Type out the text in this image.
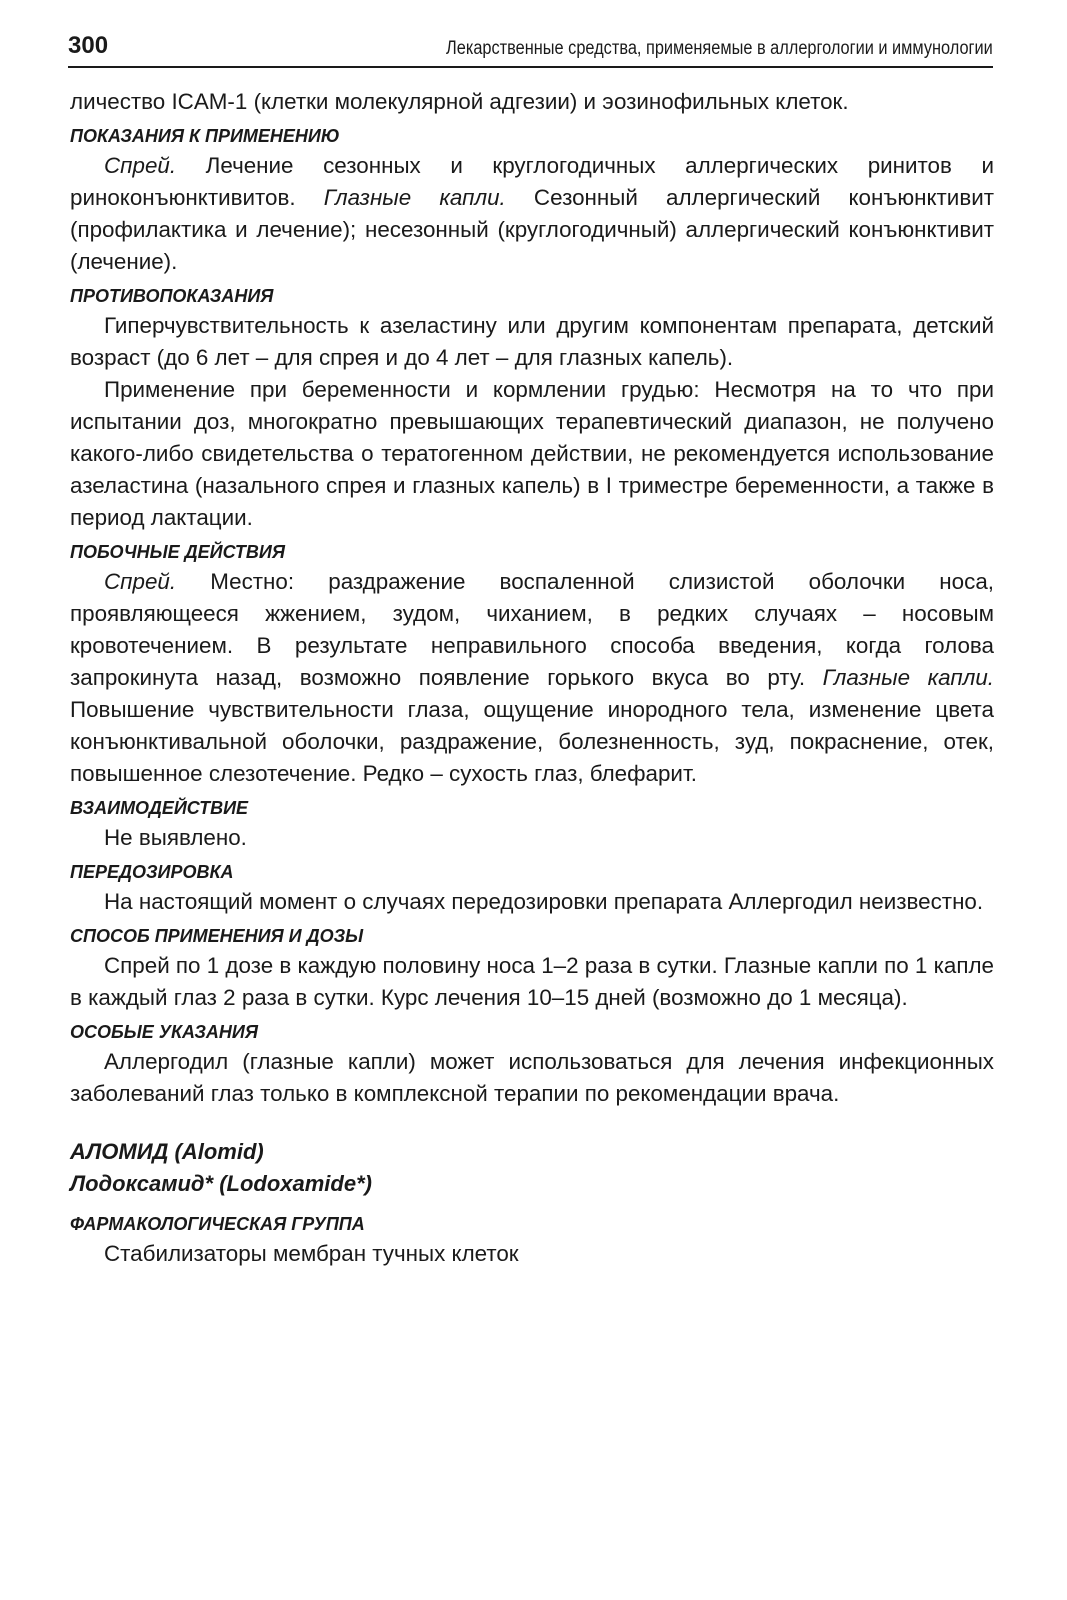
300	Лекарственные средства, применяемые в аллергологии и иммунологии

личество ICAM-1 (клетки молекулярной адгезии) и эозинофильных клеток.

ПОКАЗАНИЯ К ПРИМЕНЕНИЮ

Спрей. Лечение сезонных и круглогодичных аллергических ринитов и риноконъюнктивитов. Глазные капли. Сезонный аллергический конъюнктивит (профилактика и лечение); несезонный (круглогодичный) аллергический конъюнктивит (лечение).

ПРОТИВОПОКАЗАНИЯ

Гиперчувствительность к азеластину или другим компонентам препарата, детский возраст (до 6 лет – для спрея и до 4 лет – для глазных капель).

Применение при беременности и кормлении грудью: Несмотря на то что при испытании доз, многократно превышающих терапевтический диапазон, не получено какого-либо свидетельства о тератогенном действии, не рекомендуется использование азеластина (назального спрея и глазных капель) в I триместре беременности, а также в период лактации.

ПОБОЧНЫЕ ДЕЙСТВИЯ

Спрей. Местно: раздражение воспаленной слизистой оболочки носа, проявляющееся жжением, зудом, чиханием, в редких случаях – носовым кровотечением. В результате неправильного способа введения, когда голова запрокинута назад, возможно появление горького вкуса во рту. Глазные капли. Повышение чувствительности глаза, ощущение инородного тела, изменение цвета конъюнктивальной оболочки, раздражение, болезненность, зуд, покраснение, отек, повышенное слезотечение. Редко – сухость глаз, блефарит.

ВЗАИМОДЕЙСТВИЕ

Не выявлено.

ПЕРЕДОЗИРОВКА

На настоящий момент о случаях передозировки препарата Аллергодил неизвестно.

СПОСОБ ПРИМЕНЕНИЯ И ДОЗЫ

Спрей по 1 дозе в каждую половину носа 1–2 раза в сутки. Глазные капли по 1 капле в каждый глаз 2 раза в сутки. Курс лечения 10–15 дней (возможно до 1 месяца).

ОСОБЫЕ УКАЗАНИЯ

Аллергодил (глазные капли) может использоваться для лечения инфекционных заболеваний глаз только в комплексной терапии по рекомендации врача.

АЛОМИД (Alomid)
Лодоксамид* (Lodoxamide*)
ФАРМАКОЛОГИЧЕСКАЯ ГРУППА

Стабилизаторы мембран тучных клеток
